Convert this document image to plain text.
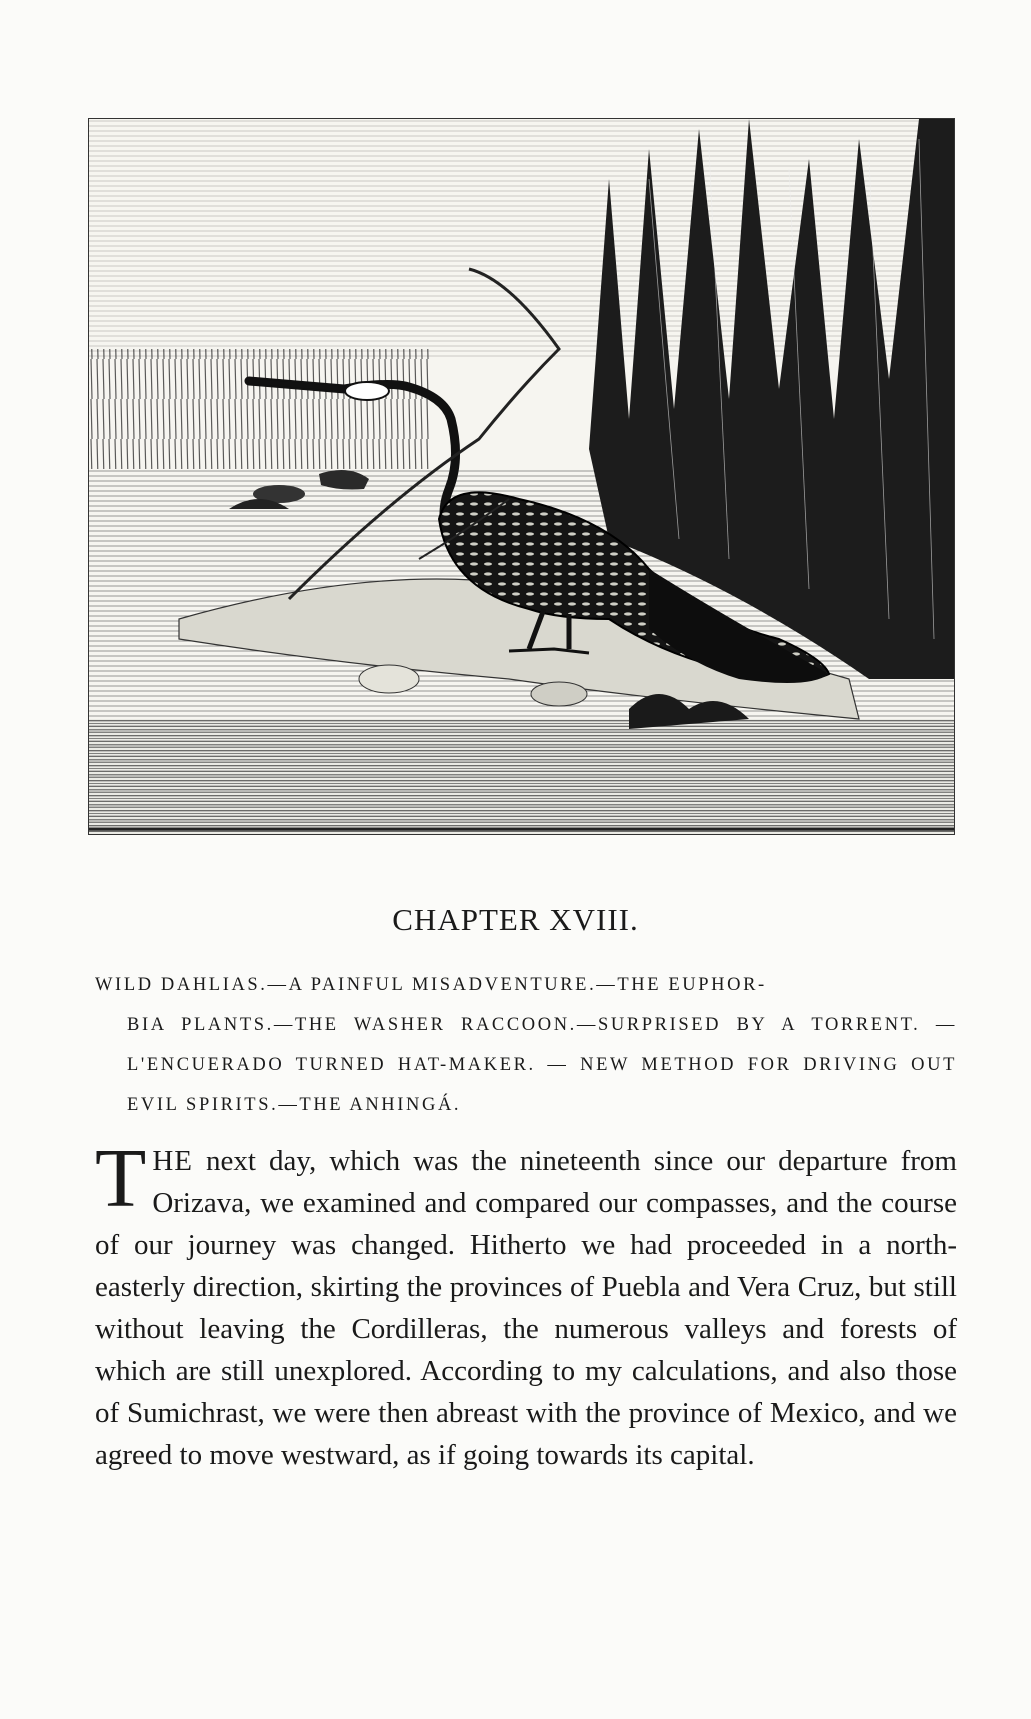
CHAPTER XVIII.
WILD DAHLIAS.—A PAINFUL MISADVENTURE.—THE EUPHOR-
BIA PLANTS.—THE WASHER RACCOON.—SURPRISED BY A TORRENT. — L'ENCUERADO TURNED HAT-MAKER. — NEW METHOD FOR DRIVING OUT EVIL SPIRITS.—THE ANHINGÁ.
THE next day, which was the nineteenth since our departure from Orizava, we examined and compared our compasses, and the course of our journey was changed. Hitherto we had proceeded in a north-easterly direction, skirting the provinces of Puebla and Vera Cruz, but still without leaving the Cordilleras, the numerous valleys and forests of which are still unexplored. According to my calculations, and also those of Sumichrast, we were then abreast with the province of Mexico, and we agreed to move westward, as if going towards its capital.
